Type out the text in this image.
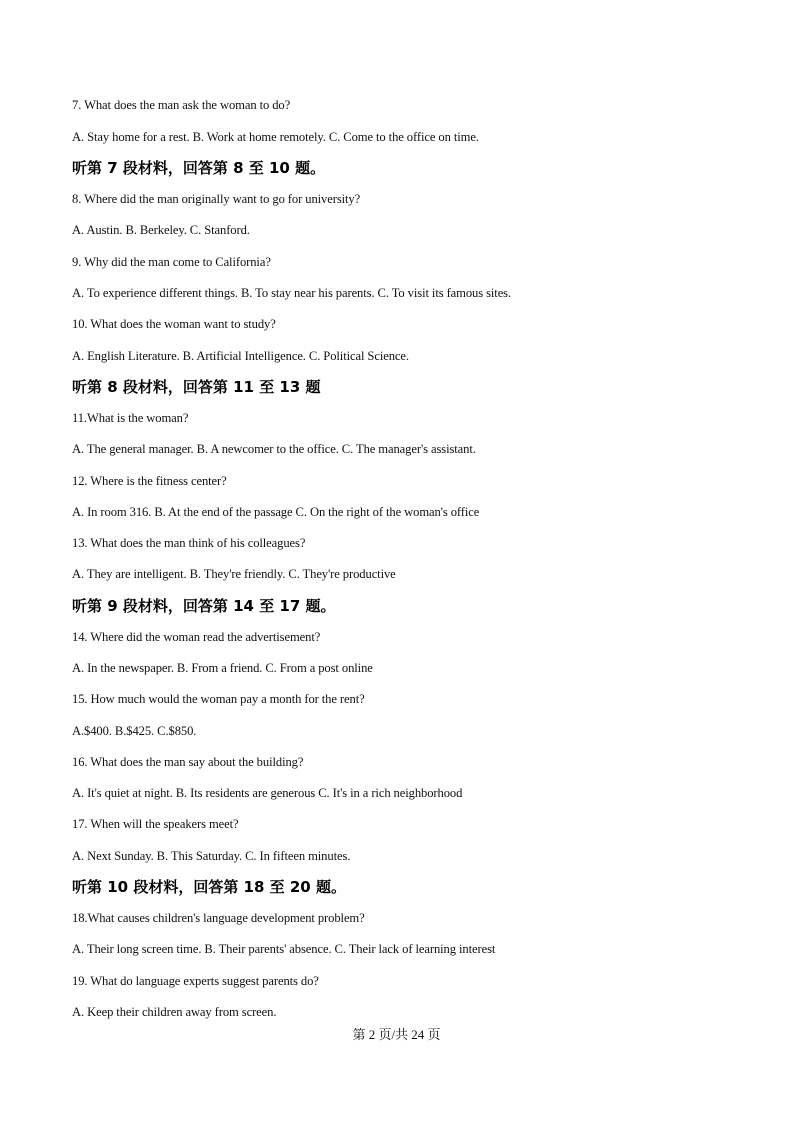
7. What does the man ask the woman to do?

A. Stay home for a rest. B. Work at home remotely. C. Come to the office on time.

听第 7 段材料，回答第 8 至 10 题。

8. Where did the man originally want to go for university?

A. Austin. B. Berkeley. C. Stanford.

9. Why did the man come to California?

A. To experience different things. B. To stay near his parents. C. To visit its famous sites.

10. What does the woman want to study?

A. English Literature. B. Artificial Intelligence. C. Political Science.

听第 8 段材料，回答第 11 至 13 题

11.What is the woman?

A. The general manager. B. A newcomer to the office. C. The manager's assistant.

12. Where is the fitness center?

A. In room 316. B. At the end of the passage C. On the right of the woman's office

13. What does the man think of his colleagues?

A. They are intelligent. B. They're friendly. C. They're productive

听第 9 段材料，回答第 14 至 17 题。

14. Where did the woman read the advertisement?

A. In the newspaper. B. From a friend. C. From a post online

15. How much would the woman pay a month for the rent?

A.$400. B.$425. C.$850.

16. What does the man say about the building?

A. It's quiet at night. B. Its residents are generous C. It's in a rich neighborhood

17. When will the speakers meet?

A. Next Sunday. B. This Saturday. C. In fifteen minutes.

听第 10 段材料，回答第 18 至 20 题。

18.What causes children's language development problem?

A. Their long screen time. B. Their parents' absence. C. Their lack of learning interest

19. What do language experts suggest parents do?

A. Keep their children away from screen.

第 2 页/共 24 页
